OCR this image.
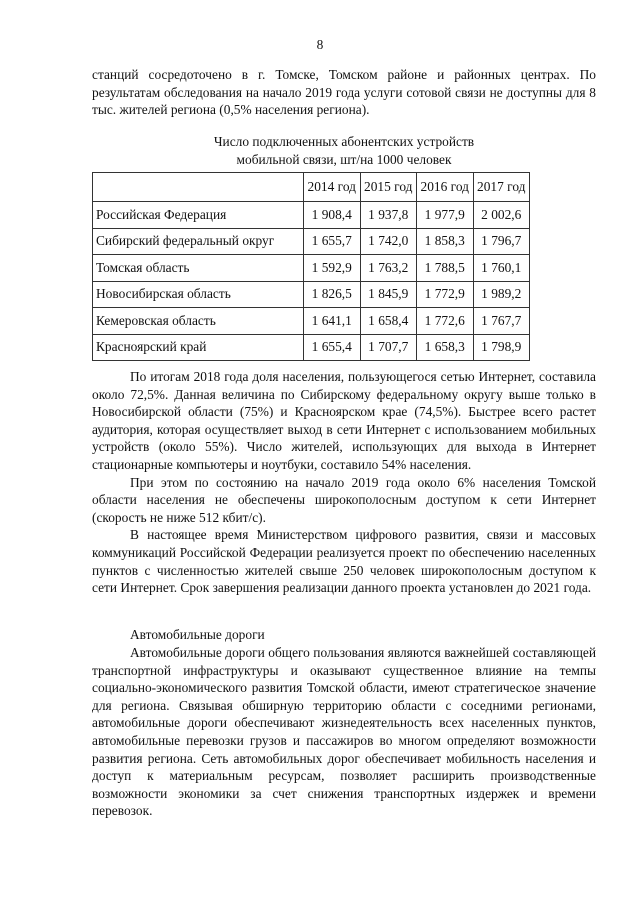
8

станций сосредоточено в г. Томске, Томском районе и районных центрах. По результатам обследования на начало 2019 года услуги сотовой связи не доступны для 8 тыс. жителей региона (0,5% населения региона).

Число подключенных абонентских устройств
мобильной связи, шт/на 1000 человек
	2014 год	2015 год	2016 год	2017 год
Российская Федерация	1 908,4	1 937,8	1 977,9	2 002,6
Сибирский федеральный округ	1 655,7	1 742,0	1 858,3	1 796,7
Томская область	1 592,9	1 763,2	1 788,5	1 760,1
Новосибирская область	1 826,5	1 845,9	1 772,9	1 989,2
Кемеровская область	1 641,1	1 658,4	1 772,6	1 767,7
Красноярский край	1 655,4	1 707,7	1 658,3	1 798,9

По итогам 2018 года доля населения, пользующегося сетью Интернет, составила около 72,5%. Данная величина по Сибирскому федеральному округу выше только в Новосибирской области (75%) и Красноярском крае (74,5%). Быстрее всего растет аудитория, которая осуществляет выход в сети Интернет с использованием мобильных устройств (около 55%). Число жителей, использующих для выхода в Интернет стационарные компьютеры и ноутбуки, составило 54% населения.

При этом по состоянию на начало 2019 года около 6% населения Томской области населения не обеспечены широкополосным доступом к сети Интернет (скорость не ниже 512 кбит/с).

В настоящее время Министерством цифрового развития, связи и массовых коммуникаций Российской Федерации реализуется проект по обеспечению населенных пунктов с численностью жителей свыше 250 человек широкополосным доступом к сети Интернет. Срок завершения реализации данного проекта установлен до 2021 года.

Автомобильные дороги

Автомобильные дороги общего пользования являются важнейшей составляющей транспортной инфраструктуры и оказывают существенное влияние на темпы социально-экономического развития Томской области, имеют стратегическое значение для региона. Связывая обширную территорию области с соседними регионами, автомобильные дороги обеспечивают жизнедеятельность всех населенных пунктов, автомобильные перевозки грузов и пассажиров во многом определяют возможности развития региона. Сеть автомобильных дорог обеспечивает мобильность населения и доступ к материальным ресурсам, позволяет расширить производственные возможности экономики за счет снижения транспортных издержек и времени перевозок.
